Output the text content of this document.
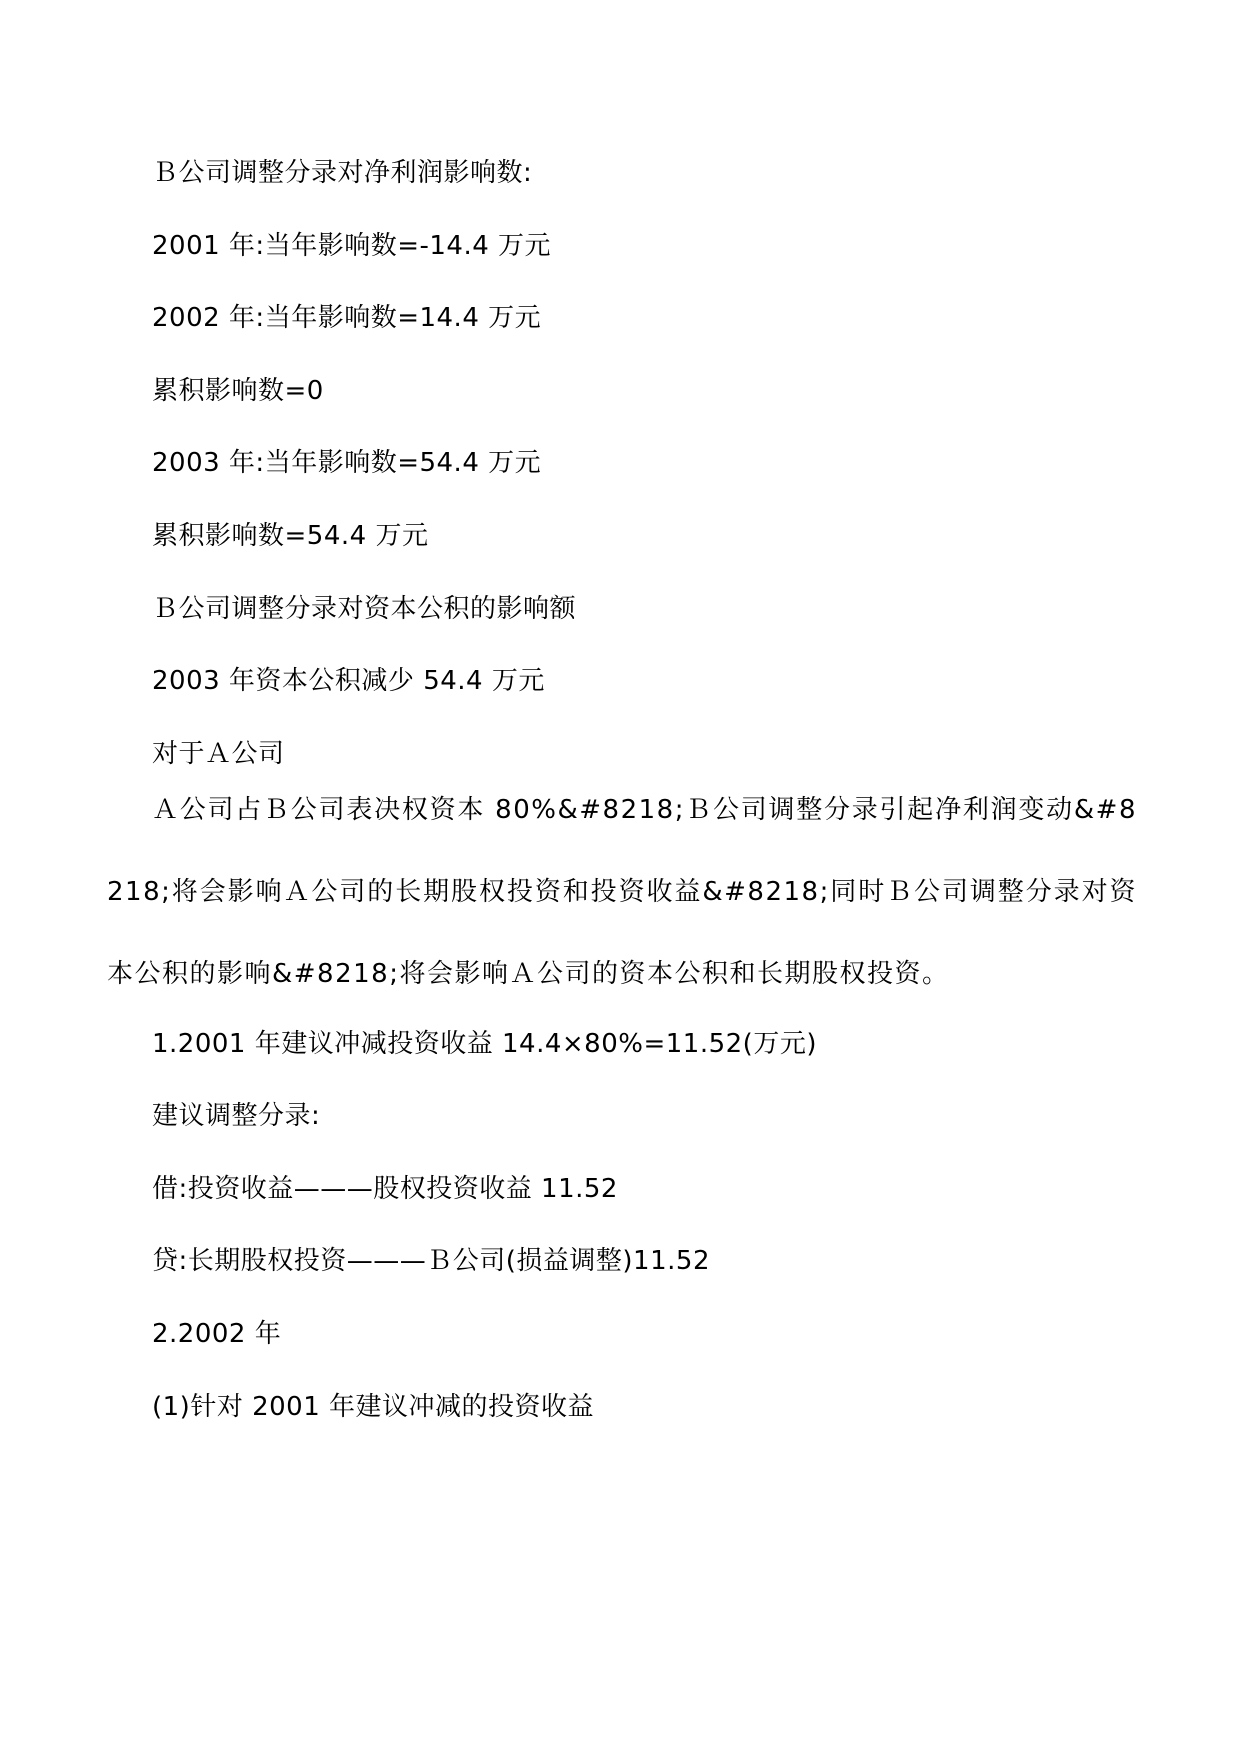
Ｂ公司调整分录对净利润影响数:
2001 年:当年影响数=-14.4 万元
2002 年:当年影响数=14.4 万元
累积影响数=0
2003 年:当年影响数=54.4 万元
累积影响数=54.4 万元
Ｂ公司调整分录对资本公积的影响额
2003 年资本公积减少 54.4 万元
对于Ａ公司
Ａ公司占Ｂ公司表决权资本 80%&#8218;Ｂ公司调整分录引起净利润变动&#8218;将会影响Ａ公司的长期股权投资和投资收益&#8218;同时Ｂ公司调整分录对资本公积的影响&#8218;将会影响Ａ公司的资本公积和长期股权投资。
1.2001 年建议冲减投资收益 14.4×80%=11.52(万元)
建议调整分录:
借:投资收益———股权投资收益 11.52
贷:长期股权投资———Ｂ公司(损益调整)11.52
2.2002 年
(1)针对 2001 年建议冲减的投资收益
